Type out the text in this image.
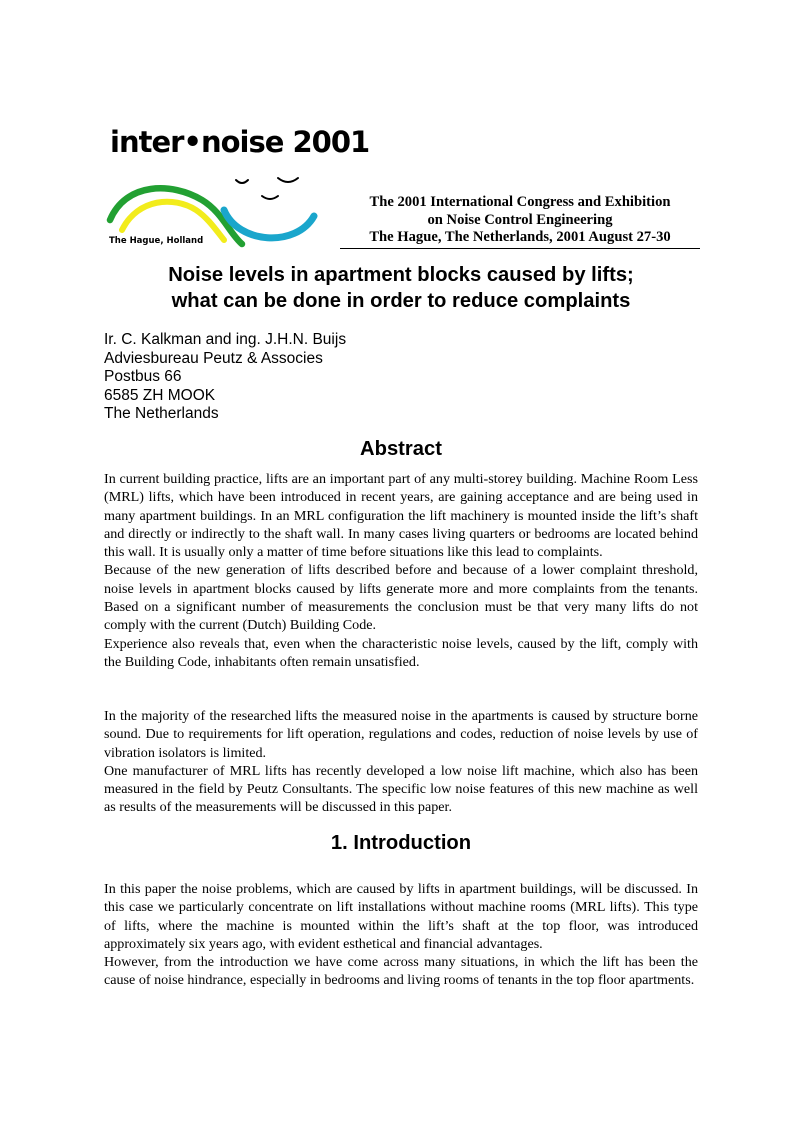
inter•noise 2001
The Hague, Holland
The 2001 International Congress and Exhibition
on Noise Control Engineering
The Hague, The Netherlands, 2001 August 27-30
Noise levels in apartment blocks caused by lifts;
what can be done in order to reduce complaints
Ir. C. Kalkman and ing. J.H.N. Buijs
Adviesbureau Peutz & Associes
Postbus 66
6585 ZH MOOK
The Netherlands
Abstract

In current building practice, lifts are an important part of any multi-storey building. Machine Room Less (MRL) lifts, which have been introduced in recent years, are gaining acceptance and are being used in many apartment buildings. In an MRL configuration the lift machinery is mounted inside the lift’s shaft and directly or indirectly to the shaft wall. In many cases living quarters or bedrooms are located behind this wall. It is usually only a matter of time before situations like this lead to complaints.

Because of the new generation of lifts described before and because of a lower complaint threshold, noise levels in apartment blocks caused by lifts generate more and more complaints from the tenants. Based on a significant number of measurements the conclusion must be that very many lifts do not comply with the current (Dutch) Building Code.

Experience also reveals that, even when the characteristic noise levels, caused by the lift, comply with the Building Code, inhabitants often remain unsatisfied.

In the majority of the researched lifts the measured noise in the apartments is caused by structure borne sound. Due to requirements for lift operation, regulations and codes, reduction of noise levels by use of vibration isolators is limited.

One manufacturer of MRL lifts has recently developed a low noise lift machine, which also has been measured in the field by Peutz Consultants. The specific low noise features of this new machine as well as results of the measurements will be discussed in this paper.

1. Introduction

In this paper the noise problems, which are caused by lifts in apartment buildings, will be discussed. In this case we particularly concentrate on lift installations without machine rooms (MRL lifts). This type of lifts, where the machine is mounted within the lift’s shaft at the top floor, was introduced approximately six years ago, with evident esthetical and financial advantages.

However, from the introduction we have come across many situations, in which the lift has been the cause of noise hindrance, especially in bedrooms and living rooms of tenants in the top floor apartments.
